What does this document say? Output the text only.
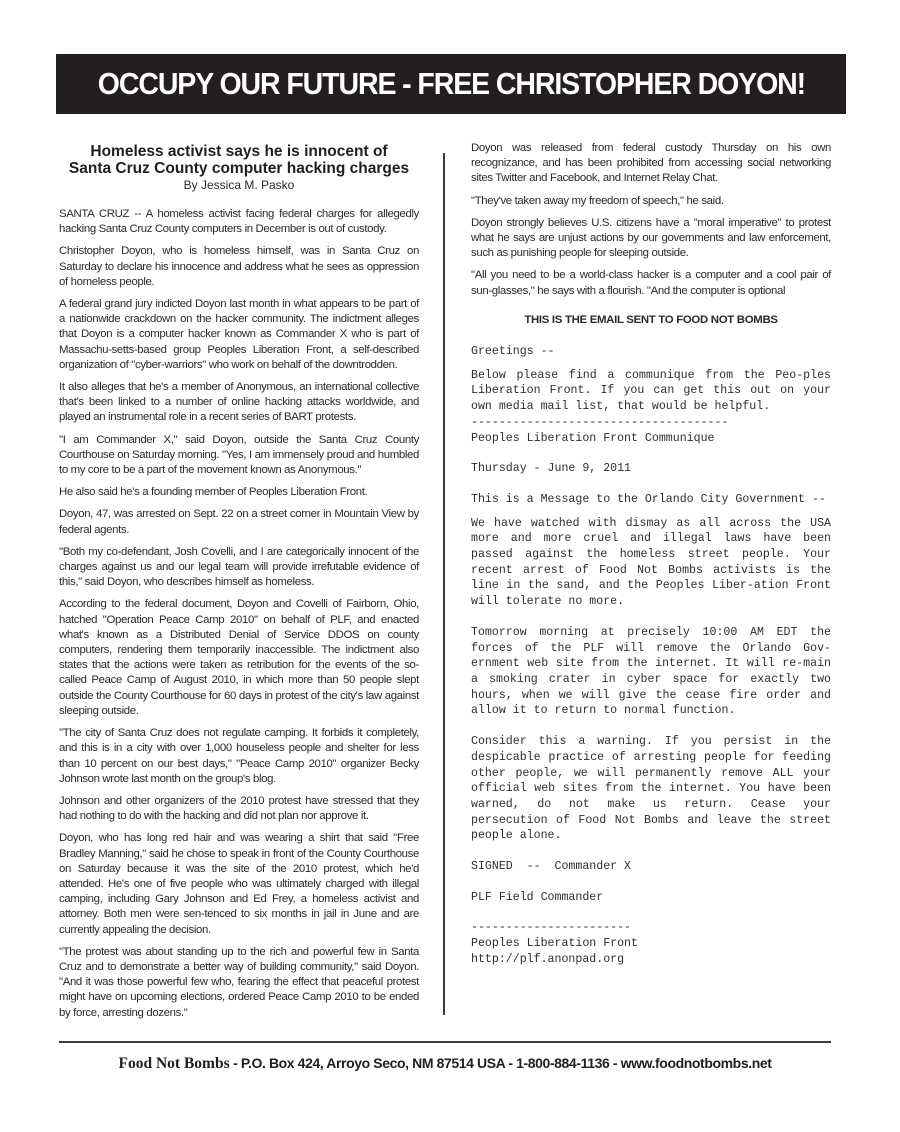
OCCUPY OUR FUTURE - FREE CHRISTOPHER DOYON!
Homeless activist says he is innocent of
Santa Cruz County computer hacking charges
By Jessica M. Pasko

SANTA CRUZ -- A homeless activist facing federal charges for allegedly hacking Santa Cruz County computers in December is out of custody.

Christopher Doyon, who is homeless himself, was in Santa Cruz on Saturday to declare his innocence and address what he sees as oppression of homeless people.

A federal grand jury indicted Doyon last month in what appears to be part of a nationwide crackdown on the hacker community. The indictment alleges that Doyon is a computer hacker known as Commander X who is part of Massachu-setts-based group Peoples Liberation Front, a self-described organization of "cyber-warriors" who work on behalf of the downtrodden.

It also alleges that he's a member of Anonymous, an international collective that's been linked to a number of online hacking attacks worldwide, and played an instrumental role in a recent series of BART protests.

"I am Commander X," said Doyon, outside the Santa Cruz County Courthouse on Saturday morning. "Yes, I am immensely proud and humbled to my core to be a part of the movement known as Anonymous."

He also said he's a founding member of Peoples Liberation Front.

Doyon, 47, was arrested on Sept. 22 on a street corner in Mountain View by federal agents.

"Both my co-defendant, Josh Covelli, and I are categorically innocent of the charges against us and our legal team will provide irrefutable evidence of this," said Doyon, who describes himself as homeless.

According to the federal document, Doyon and Covelli of Fairborn, Ohio, hatched "Operation Peace Camp 2010" on behalf of PLF, and enacted what's known as a Distributed Denial of Service DDOS on county computers, rendering them temporarily inaccessible. The indictment also states that the actions were taken as retribution for the events of the so-called Peace Camp of August 2010, in which more than 50 people slept outside the County Courthouse for 60 days in protest of the city's law against sleeping outside.

"The city of Santa Cruz does not regulate camping. It forbids it completely, and this is in a city with over 1,000 houseless people and shelter for less than 10 percent on our best days," "Peace Camp 2010" organizer Becky Johnson wrote last month on the group's blog.

Johnson and other organizers of the 2010 protest have stressed that they had nothing to do with the hacking and did not plan nor approve it.

Doyon, who has long red hair and was wearing a shirt that said "Free Bradley Manning," said he chose to speak in front of the County Courthouse on Saturday because it was the site of the 2010 protest, which he'd attended. He's one of five people who was ultimately charged with illegal camping, including Gary Johnson and Ed Frey, a homeless activist and attorney. Both men were sen-tenced to six months in jail in June and are currently appealing the decision.

"The protest was about standing up to the rich and powerful few in Santa Cruz and to demonstrate a better way of building community," said Doyon. "And it was those powerful few who, fearing the effect that peaceful protest might have on upcoming elections, ordered Peace Camp 2010 to be ended by force, arresting dozens."

Doyon was released from federal custody Thursday on his own recognizance, and has been prohibited from accessing social networking sites Twitter and Facebook, and Internet Relay Chat.

"They've taken away my freedom of speech," he said.

Doyon strongly believes U.S. citizens have a "moral imperative" to protest what he says are unjust actions by our governments and law enforcement, such as punishing people for sleeping outside.

"All you need to be a world-class hacker is a computer and a cool pair of sun-glasses," he says with a flourish. "And the computer is optional

THIS IS THE EMAIL SENT TO FOOD NOT BOMBS

Greetings --

Below please find a communique from the Peo-ples Liberation Front. If you can get this out on your own media mail list, that would be helpful.

-------------------------------------

Peoples Liberation Front Communique

Thursday - June 9, 2011

This is a Message to the Orlando City Government --

We have watched with dismay as all across the USA more and more cruel and illegal laws have been passed against the homeless street people. Your recent arrest of Food Not Bombs activists is the line in the sand, and the Peoples Liber-ation Front will tolerate no more.

Tomorrow morning at precisely 10:00 AM EDT the forces of the PLF will remove the Orlando Gov-ernment web site from the internet. It will re-main a smoking crater in cyber space for exactly two hours, when we will give the cease fire order and allow it to return to normal function.

Consider this a warning. If you persist in the despicable practice of arresting people for feeding other people, we will permanently remove ALL your official web sites from the internet. You have been warned, do not make us return. Cease your persecution of Food Not Bombs and leave the street people alone.

SIGNED  --  Commander X

PLF Field Commander

-----------------------

Peoples Liberation Front

http://plf.anonpad.org

Food Not Bombs - P.O. Box 424, Arroyo Seco, NM 87514 USA - 1-800-884-1136 - www.foodnotbombs.net
